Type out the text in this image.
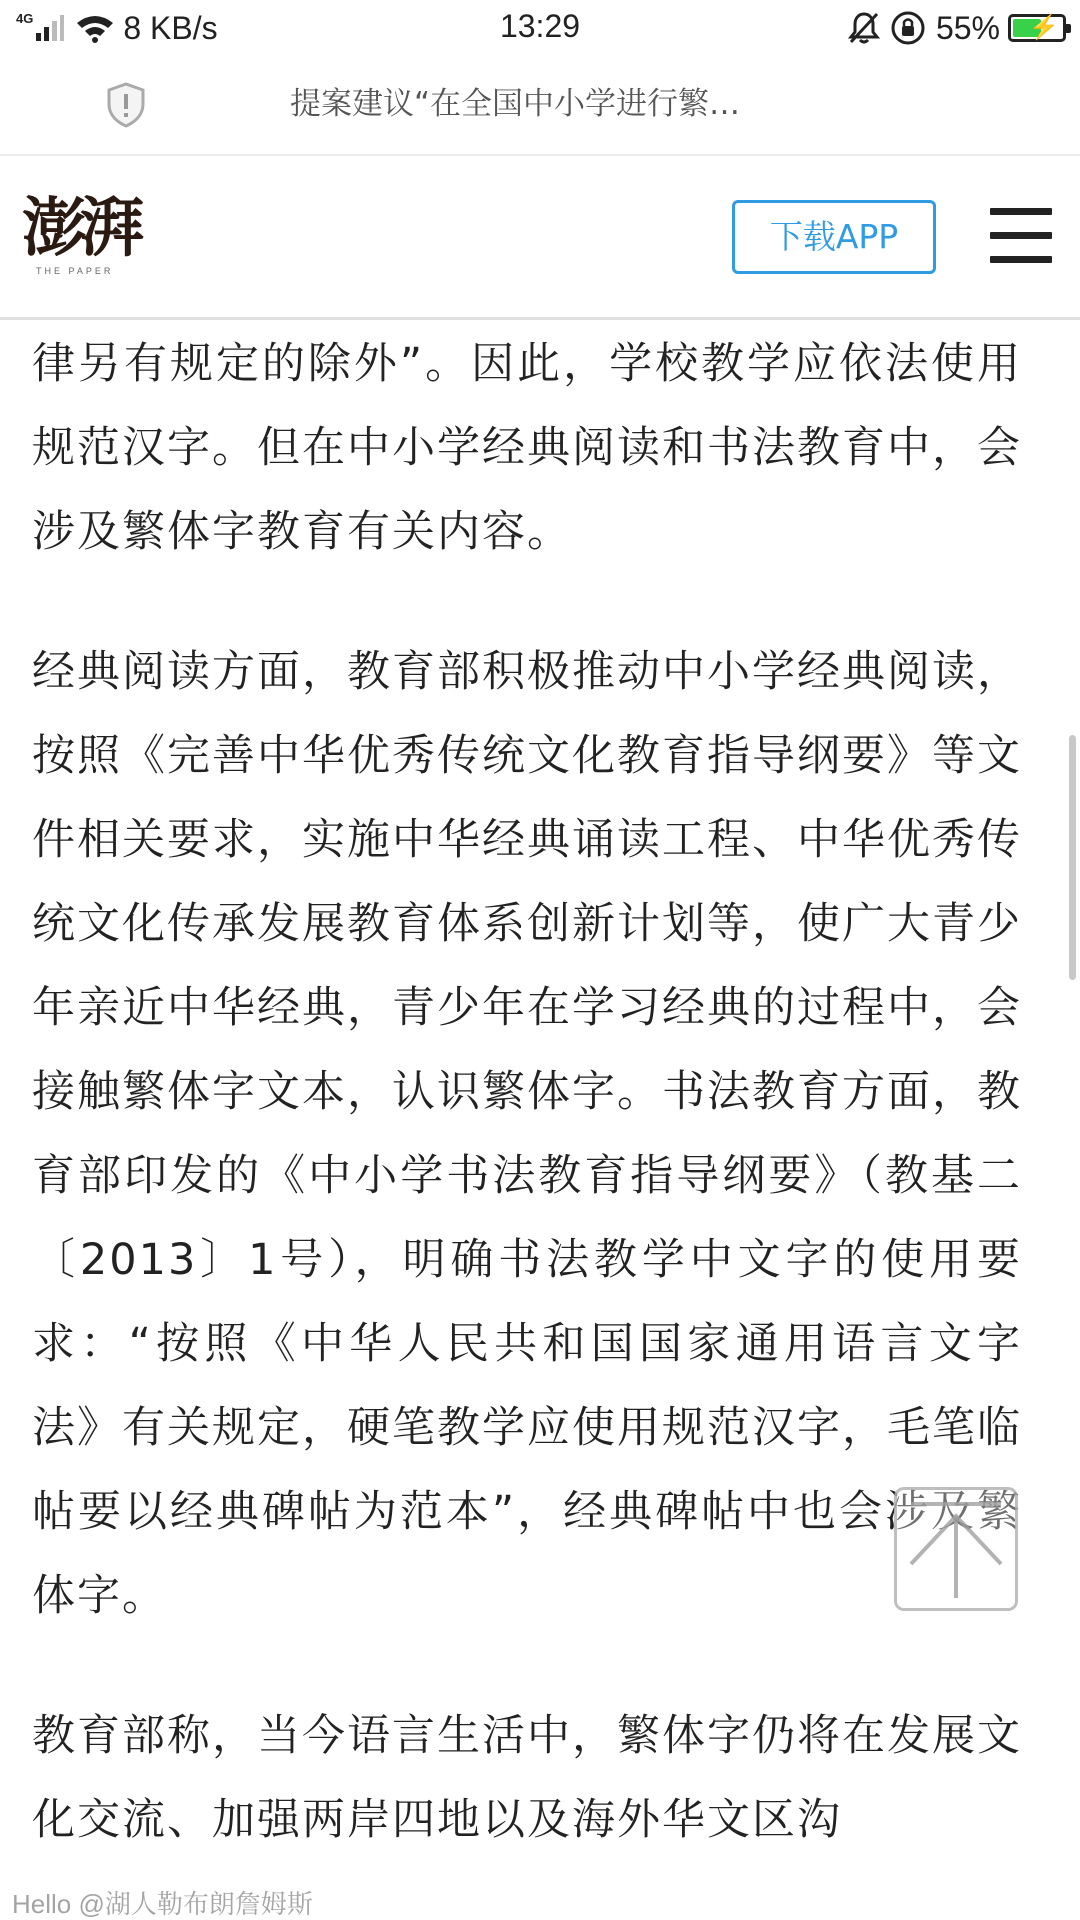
4G	8 KB/s	13:29	55% ⚡
提案建议“在全国中小学进行繁…
澎湃
THE PAPER
下载APP

律另有规定的除外”。因此，学校教学应依法使用规范汉字。但在中小学经典阅读和书法教育中，会涉及繁体字教育有关内容。

经典阅读方面，教育部积极推动中小学经典阅读，按照《完善中华优秀传统文化教育指导纲要》等文件相关要求，实施中华经典诵读工程、中华优秀传统文化传承发展教育体系创新计划等，使广大青少年亲近中华经典，青少年在学习经典的过程中，会接触繁体字文本，认识繁体字。书法教育方面，教育部印发的《中小学书法教育指导纲要》（教基二〔2013〕1号），明确书法教学中文字的使用要求：“按照《中华人民共和国国家通用语言文字法》有关规定，硬笔教学应使用规范汉字，毛笔临帖要以经典碑帖为范本”，经典碑帖中也会涉及繁体字。

教育部称，当今语言生活中，繁体字仍将在发展文化交流、加强两岸四地以及海外华文区沟

Hello @湖人勒布朗詹姆斯
